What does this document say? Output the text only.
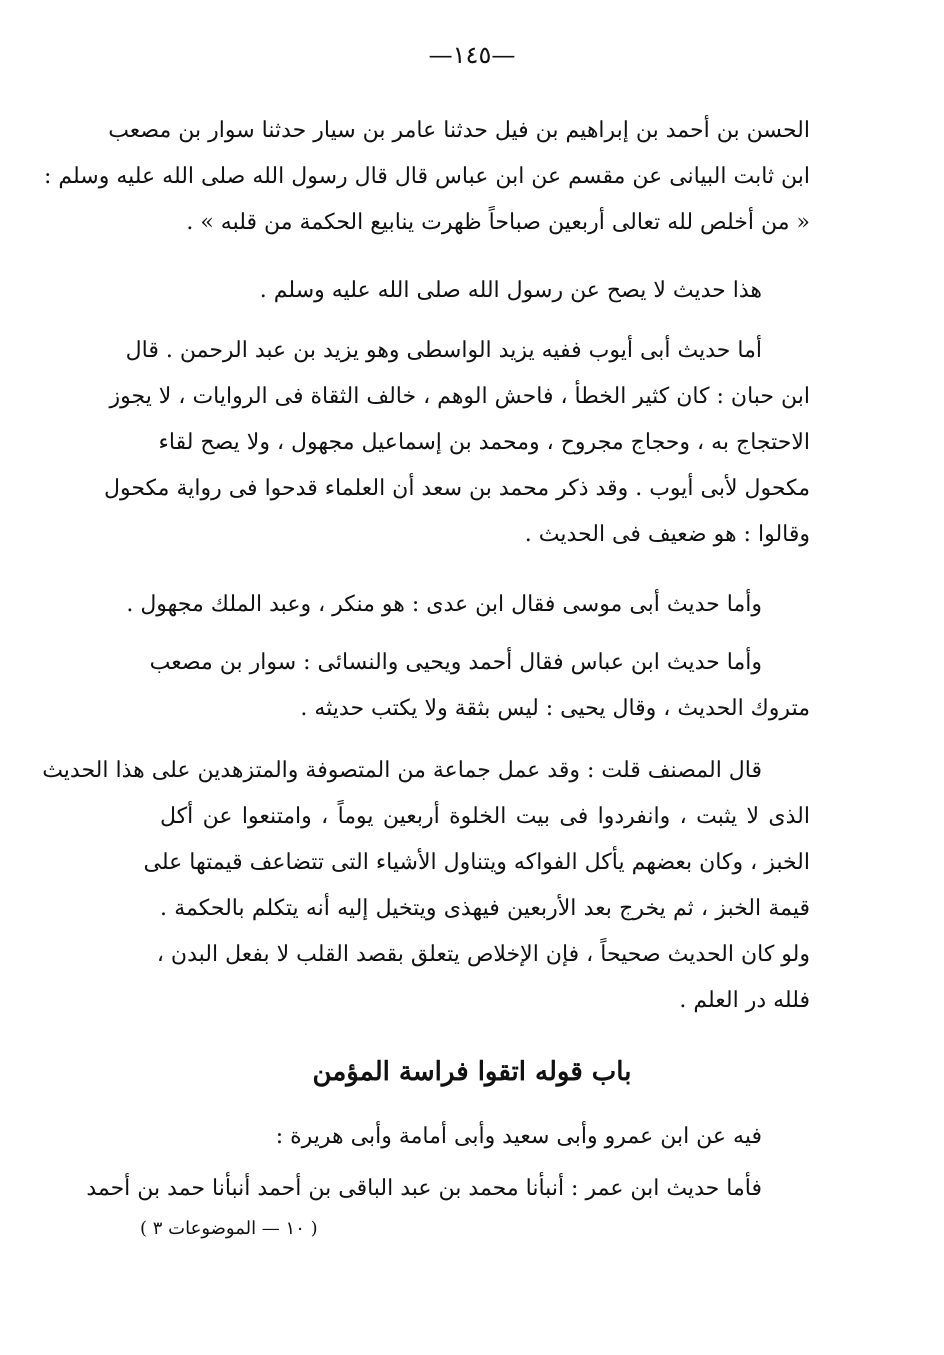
—١٤٥—
الحسن بن أحمد بن إبراهيم بن فيل حدثنا عامر بن سيار حدثنا سوار بن مصعب
ابن ثابت البيانى عن مقسم عن ابن عباس قال قال رسول الله صلى الله عليه وسلم :
« من أخلص لله تعالى أربعين صباحاً ظهرت ينابيع الحكمة من قلبه » .
هذا حديث لا يصح عن رسول الله صلى الله عليه وسلم .
أما حديث أبى أيوب ففيه يزيد الواسطى وهو يزيد بن عبد الرحمن . قال
ابن حبان : كان كثير الخطأ ، فاحش الوهم ، خالف الثقاة فى الروايات ، لا يجوز
الاحتجاج به ، وحجاج مجروح ، ومحمد بن إسماعيل مجهول ، ولا يصح لقاء
مكحول لأبى أيوب . وقد ذكر محمد بن سعد أن العلماء قدحوا فى رواية مكحول
وقالوا : هو ضعيف فى الحديث .
وأما حديث أبى موسى فقال ابن عدى : هو منكر ، وعبد الملك مجهول .
وأما حديث ابن عباس فقال أحمد ويحيى والنسائى : سوار بن مصعب
متروك الحديث ، وقال يحيى : ليس بثقة ولا يكتب حديثه .
قال المصنف قلت : وقد عمل جماعة من المتصوفة والمتزهدين على هذا الحديث
الذى لا يثبت ، وانفردوا فى بيت الخلوة أربعين يوماً ، وامتنعوا عن أكل
الخبز ، وكان بعضهم يأكل الفواكه ويتناول الأشياء التى تتضاعف قيمتها على
قيمة الخبز ، ثم يخرج بعد الأربعين فيهذى ويتخيل إليه أنه يتكلم بالحكمة .
ولو كان الحديث صحيحاً ، فإن الإخلاص يتعلق بقصد القلب لا بفعل البدن ،
فلله در العلم .
باب قوله اتقوا فراسة المؤمن
فيه عن ابن عمرو وأبى سعيد وأبى أمامة وأبى هريرة :
فأما حديث ابن عمر : أنبأنا محمد بن عبد الباقى بن أحمد أنبأنا حمد بن أحمد
( ١٠ — الموضوعات ٣ )
